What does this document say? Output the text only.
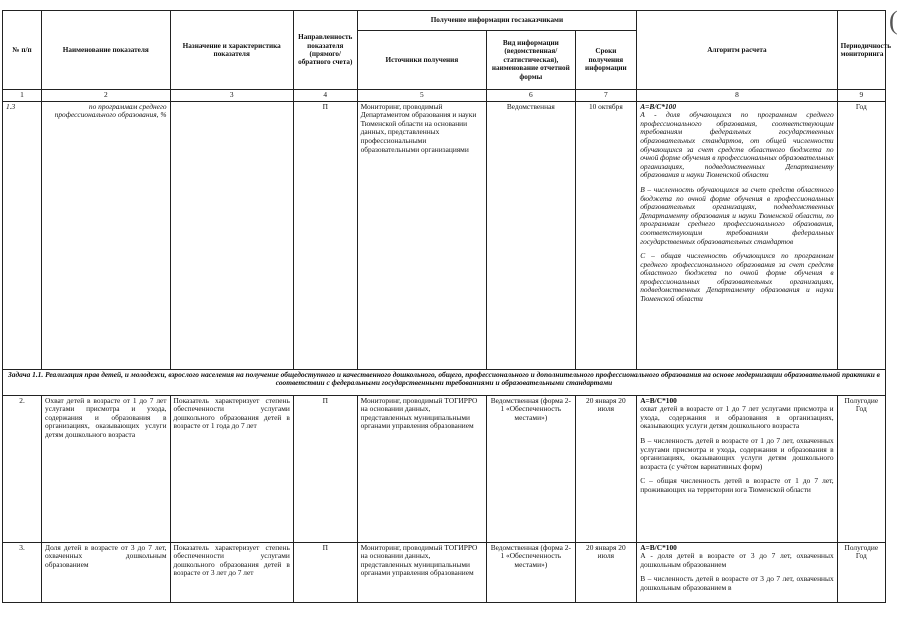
№ п/п	Наименование показателя	Назначение и характеристика показателя	Направленность показателя (прямого/обратного счета)	Получение информации госзаказчиками			Алгоритм расчета	Периодичность мониторинга
				Источники получения	Вид информации (ведомственная/статистическая), наименование отчетной формы	Сроки получения информации		
1	2	3	4	5	6	7	8	9
1.3	по программам среднего профессионального образования, %		П	Мониторинг, проводимый Департаментом образования и науки Тюменской области на основании данных, представленных профессиональными образовательными организациями	Ведомственная	10 октября	А=В/С*100

А - доля обучающихся по программам среднего профессионального образования, соответствующим требованиям федеральных государственных образовательных стандартов, от общей численности обучающихся за счет средств областного бюджета по очной форме обучения в профессиональных образовательных организациях, подведомственных Департаменту образования и науки Тюменской области

В – численность обучающихся за счет средств областного бюджета по очной форме обучения в профессиональных образовательных организациях, подведомственных Департаменту образования и науки Тюменской области, по программам среднего профессионального образования, соответствующим требованиям федеральных государственных образовательных стандартов

С – общая численность обучающихся по программам среднего профессионального образования за счет средств областного бюджета по очной форме обучения в профессиональных образовательных организациях, подведомственных Департаменту образования и науки Тюменской области	Год
Задача 1.1. Реализация прав детей, и молодежи, взрослого населения на получение общедоступного и качественного дошкольного, общего, профессионального и дополнительного профессионального образования на основе модернизации образовательной практики в соответствии с федеральными государственными требованиями и образовательными стандартами								
2.	Охват детей в возрасте от 1 до 7 лет услугами присмотра и ухода, содержания и образования в организациях, оказывающих услуги детям дошкольного возраста	Показатель характеризует степень обеспеченности услугами дошкольного образования детей в возрасте от 1 года до 7 лет	П	Мониторинг, проводимый ТОГИРРО на основании данных, представленных муниципальными органами управления образованием	Ведомственная (форма 2-1 «Обеспеченность местами»)	20 января 20 июля	А=В/С*100

охват детей в возрасте от 1 до 7 лет услугами присмотра и ухода, содержания и образования в организациях, оказывающих услуги детям дошкольного возраста

В – численность детей в возрасте от 1 до 7 лет, охваченных услугами присмотра и ухода, содержания и образования в организациях, оказывающих услуги детям дошкольного возраста (с учётом вариативных форм)

С – общая численность детей в возрасте от 1 до 7 лет, проживающих на территории юга Тюменской области	Полугодие Год
3.	Доля детей в возрасте от 3 до 7 лет, охваченных дошкольным образованием	Показатель характеризует степень обеспеченности услугами дошкольного образования детей в возрасте от 3 лет до 7 лет	П	Мониторинг, проводимый ТОГИРРО на основании данных, представленных муниципальными органами управления образованием	Ведомственная (форма 2-1 «Обеспеченность местами»)	20 января 20 июля	А=В/С*100

А - доля детей в возрасте от 3 до 7 лет, охваченных дошкольным образованием

В – численность детей в возрасте от 3 до 7 лет, охваченных дошкольным образованием в	Полугодие Год
(
